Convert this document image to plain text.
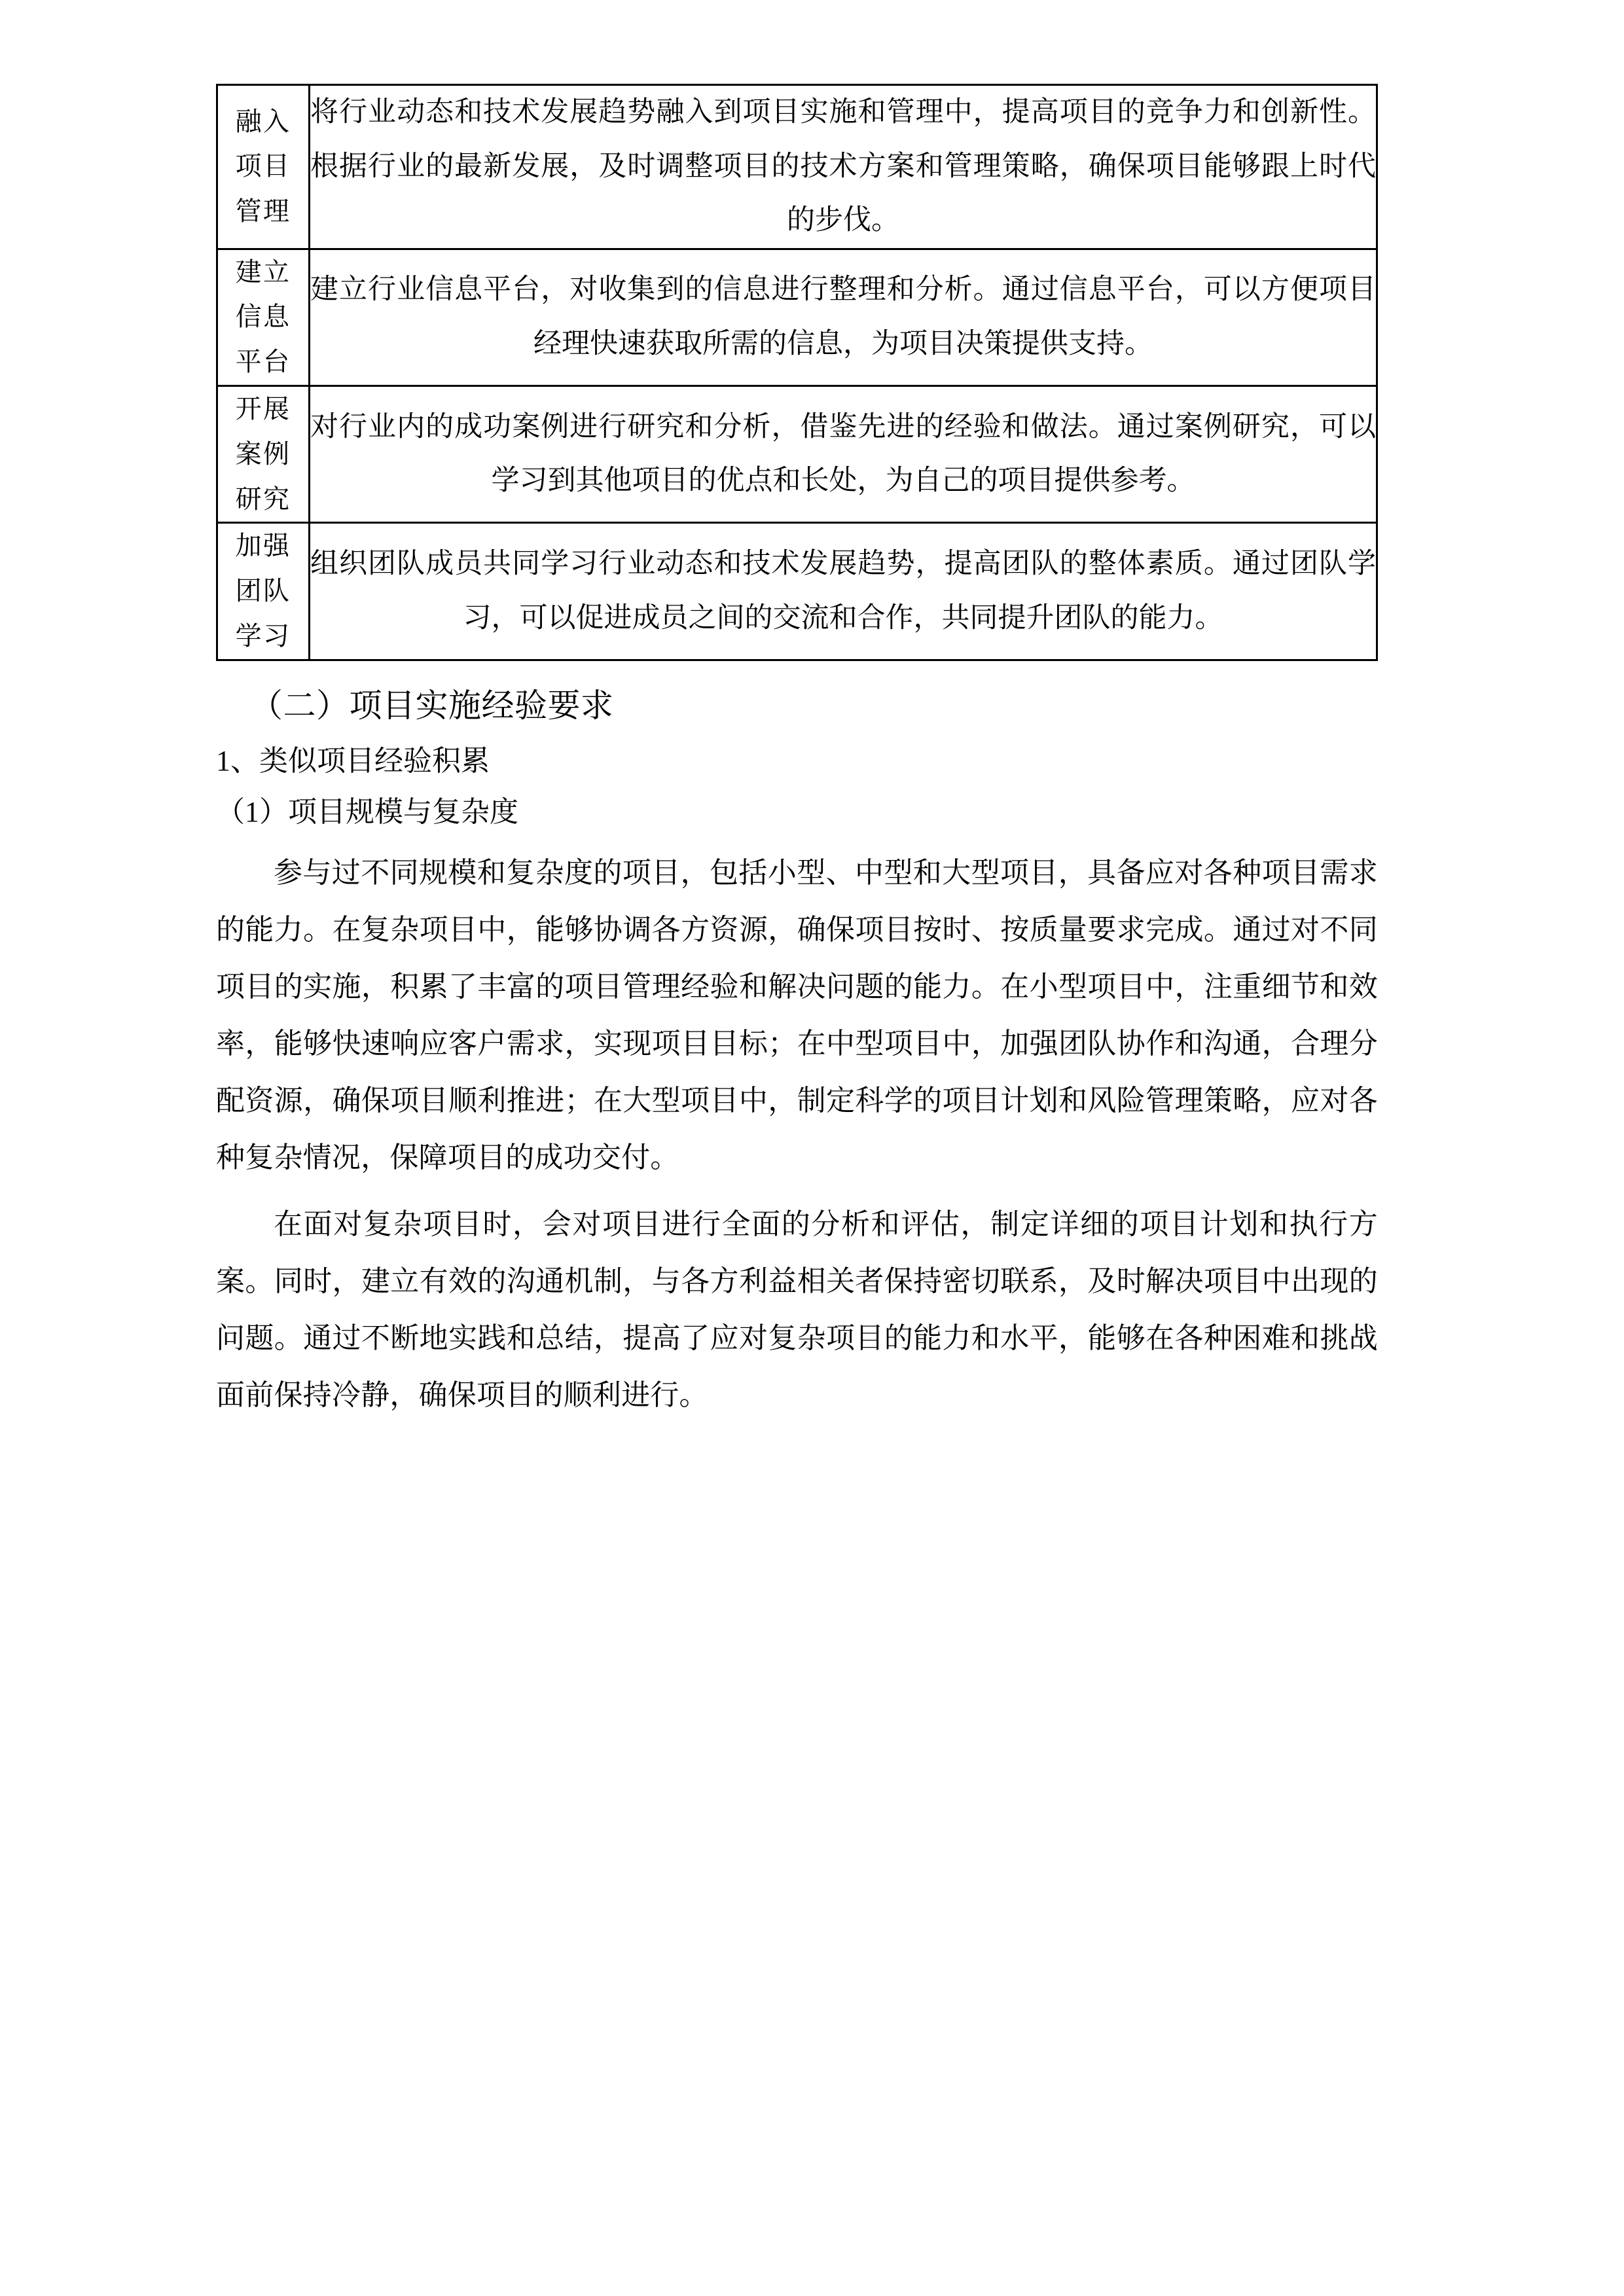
融入
项目
管理	将行业动态和技术发展趋势融入到项目实施和管理中，提高项目的竞争力和创新性。根据行业的最新发展，及时调整项目的技术方案和管理策略，确保项目能够跟上时代的步伐。

建立
信息
平台	建立行业信息平台，对收集到的信息进行整理和分析。通过信息平台，可以方便项目经理快速获取所需的信息，为项目决策提供支持。

开展
案例
研究	对行业内的成功案例进行研究和分析，借鉴先进的经验和做法。通过案例研究，可以学习到其他项目的优点和长处，为自己的项目提供参考。

加强
团队
学习	组织团队成员共同学习行业动态和技术发展趋势，提高团队的整体素质。通过团队学习，可以促进成员之间的交流和合作，共同提升团队的能力。

（二）项目实施经验要求
1、类似项目经验积累
（1）项目规模与复杂度

参与过不同规模和复杂度的项目，包括小型、中型和大型项目，具备应对各种项目需求的能力。在复杂项目中，能够协调各方资源，确保项目按时、按质量要求完成。通过对不同项目的实施，积累了丰富的项目管理经验和解决问题的能力。在小型项目中，注重细节和效率，能够快速响应客户需求，实现项目目标；在中型项目中，加强团队协作和沟通，合理分配资源，确保项目顺利推进；在大型项目中，制定科学的项目计划和风险管理策略，应对各种复杂情况，保障项目的成功交付。

在面对复杂项目时，会对项目进行全面的分析和评估，制定详细的项目计划和执行方案。同时，建立有效的沟通机制，与各方利益相关者保持密切联系，及时解决项目中出现的问题。通过不断地实践和总结，提高了应对复杂项目的能力和水平，能够在各种困难和挑战面前保持冷静，确保项目的顺利进行。
